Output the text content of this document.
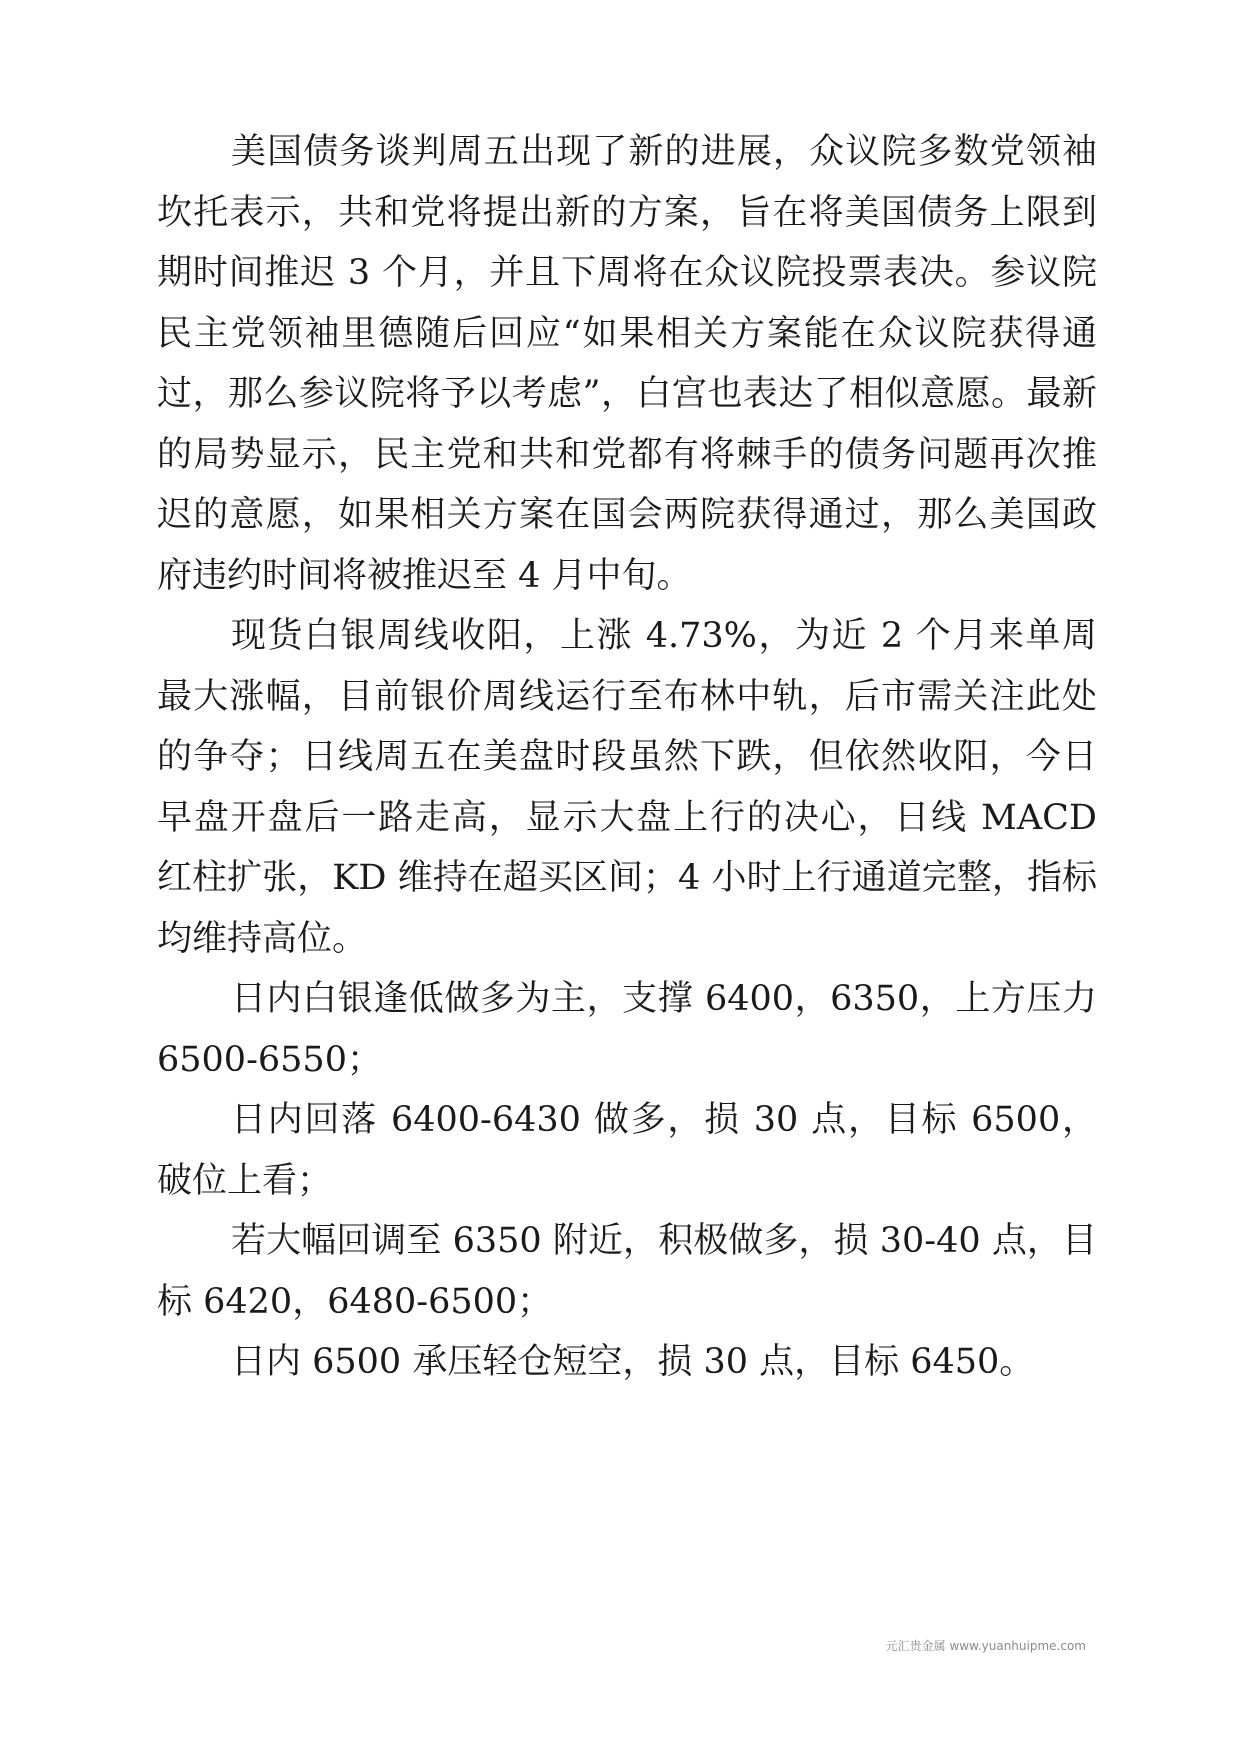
美国债务谈判周五出现了新的进展，众议院多数党领袖坎托表示，共和党将提出新的方案，旨在将美国债务上限到期时间推迟 3 个月，并且下周将在众议院投票表决。参议院民主党领袖里德随后回应“如果相关方案能在众议院获得通过，那么参议院将予以考虑”，白宫也表达了相似意愿。最新的局势显示，民主党和共和党都有将棘手的债务问题再次推迟的意愿，如果相关方案在国会两院获得通过，那么美国政府违约时间将被推迟至 4 月中旬。

现货白银周线收阳，上涨 4.73%，为近 2 个月来单周最大涨幅，目前银价周线运行至布林中轨，后市需关注此处的争夺；日线周五在美盘时段虽然下跌，但依然收阳，今日早盘开盘后一路走高，显示大盘上行的决心，日线 MACD 红柱扩张，KD 维持在超买区间；4 小时上行通道完整，指标均维持高位。

日内白银逢低做多为主，支撑 6400，6350，上方压力 6500-6550；

日内回落 6400-6430 做多，损 30 点，目标 6500，破位上看；

若大幅回调至 6350 附近，积极做多，损 30-40 点，目标 6420，6480-6500；

日内 6500 承压轻仓短空，损 30 点，目标 6450。

元汇贵金属 www.yuanhuipme.com
